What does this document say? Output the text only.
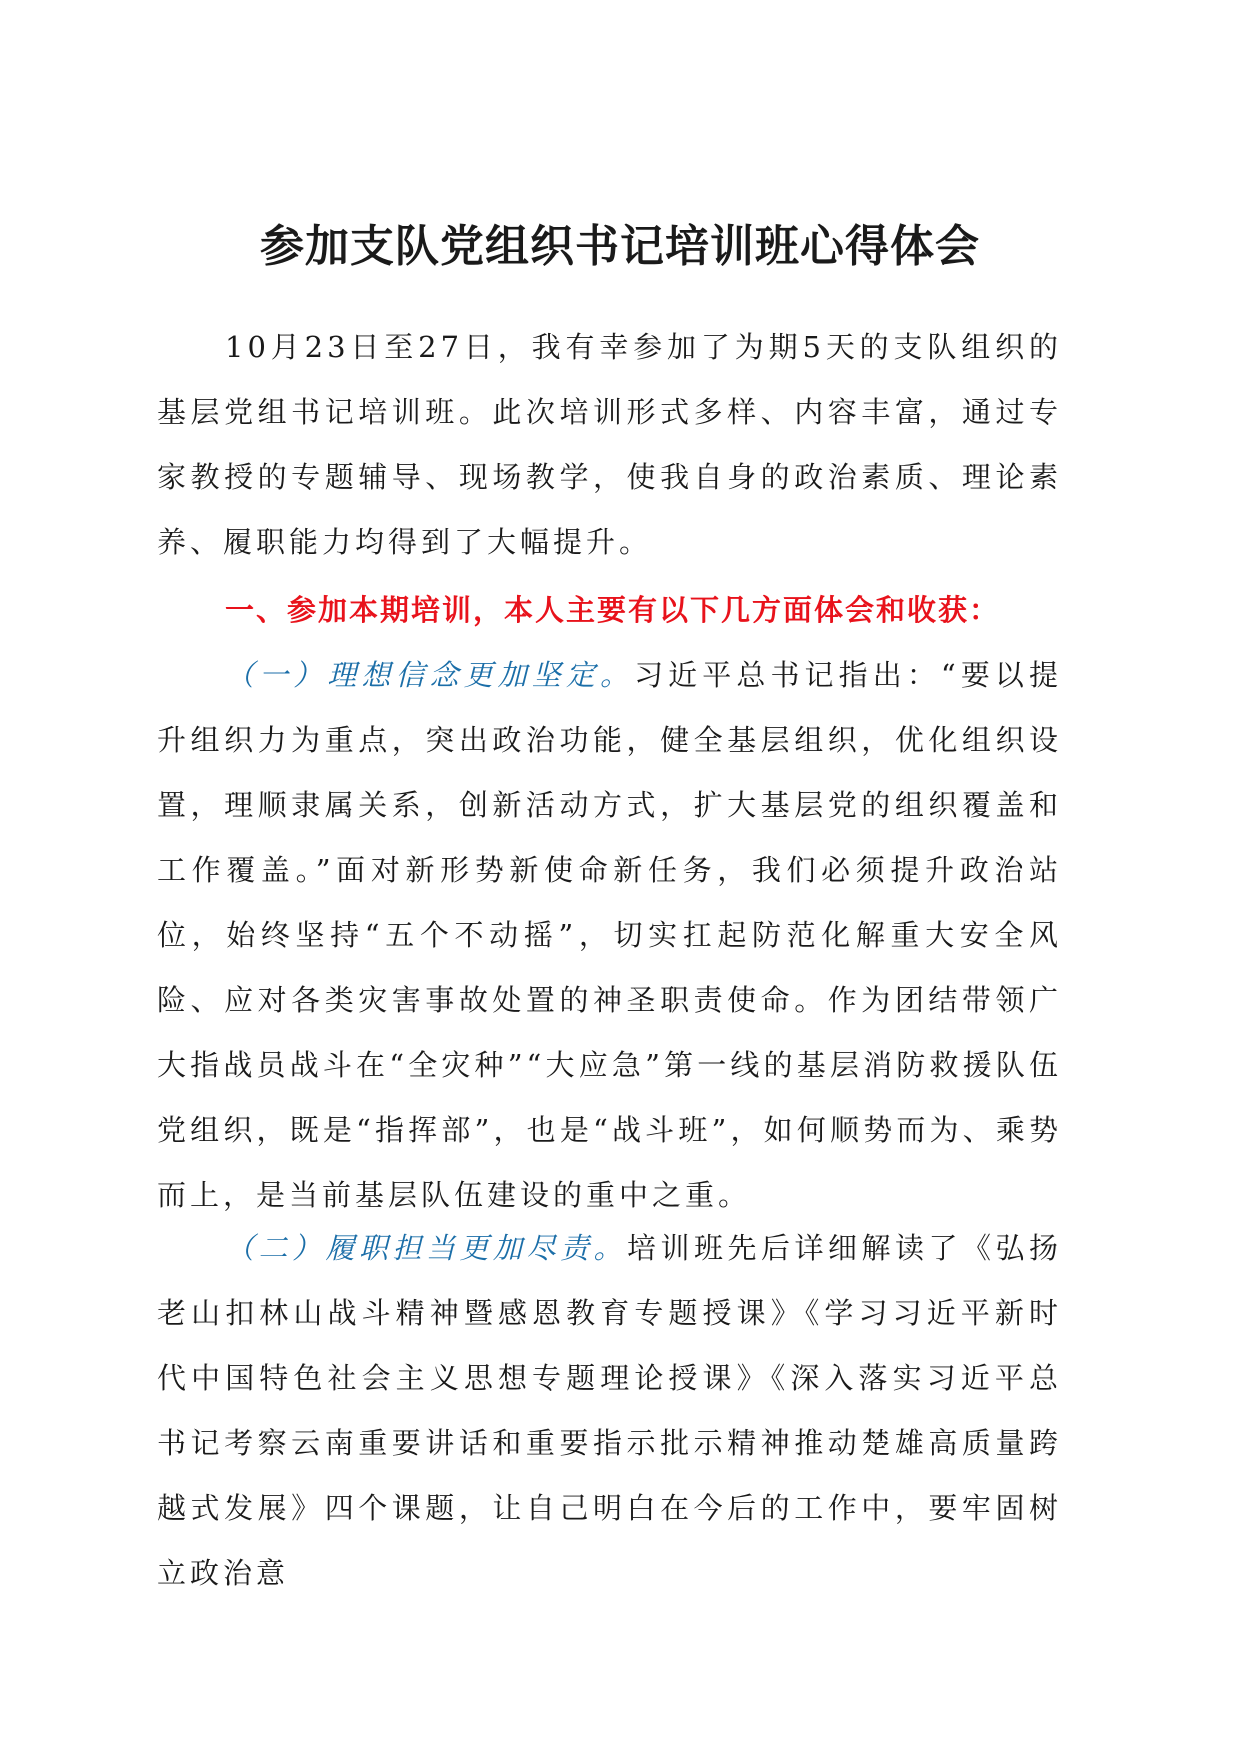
参加支队党组织书记培训班心得体会

10月23日至27日，我有幸参加了为期5天的支队组织的基层党组书记培训班。此次培训形式多样、内容丰富，通过专家教授的专题辅导、现场教学，使我自身的政治素质、理论素养、履职能力均得到了大幅提升。

一、参加本期培训，本人主要有以下几方面体会和收获：

（一）理想信念更加坚定。习近平总书记指出：“要以提升组织力为重点，突出政治功能，健全基层组织，优化组织设置，理顺隶属关系，创新活动方式，扩大基层党的组织覆盖和工作覆盖。”面对新形势新使命新任务，我们必须提升政治站位，始终坚持“五个不动摇”，切实扛起防范化解重大安全风险、应对各类灾害事故处置的神圣职责使命。作为团结带领广大指战员战斗在“全灾种”“大应急”第一线的基层消防救援队伍党组织，既是“指挥部”，也是“战斗班”，如何顺势而为、乘势而上，是当前基层队伍建设的重中之重。

（二）履职担当更加尽责。培训班先后详细解读了《弘扬老山扣林山战斗精神暨感恩教育专题授课》《学习习近平新时代中国特色社会主义思想专题理论授课》《深入落实习近平总书记考察云南重要讲话和重要指示批示精神推动楚雄高质量跨越式发展》四个课题，让自己明白在今后的工作中，要牢固树立政治意
